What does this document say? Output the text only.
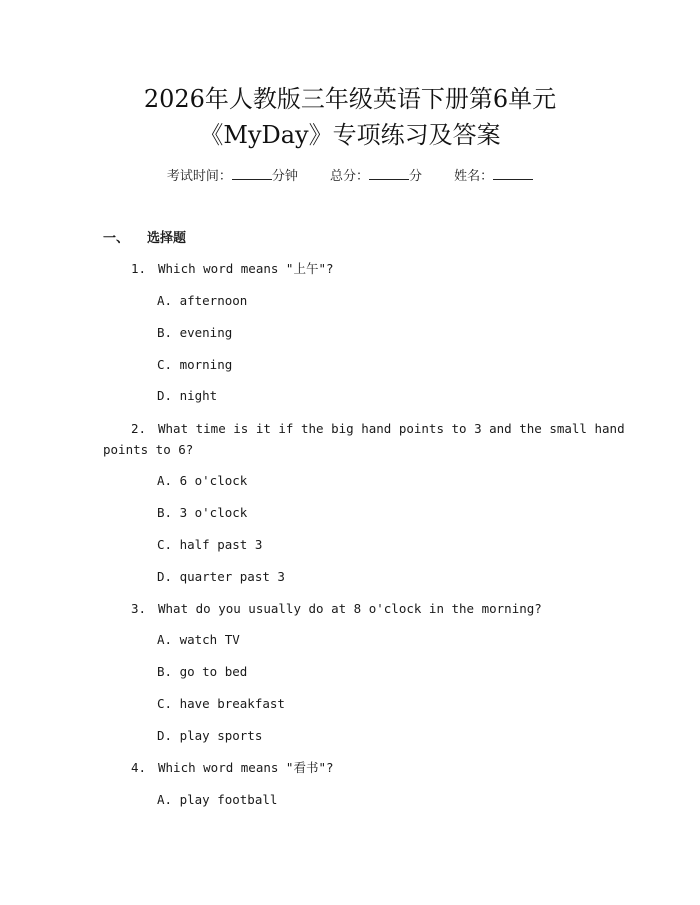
2026年人教版三年级英语下册第6单元
《MyDay》专项练习及答案
考试时间：	分钟 总分：	分 姓名：
一、 选择题
1. Which word means "上午"?
A. afternoon
B. evening
C. morning
D. night
2. What time is it if the big hand points to 3 and the small hand
points to 6?
A. 6 o'clock
B. 3 o'clock
C. half past 3
D. quarter past 3
3. What do you usually do at 8 o'clock in the morning?
A. watch TV
B. go to bed
C. have breakfast
D. play sports
4. Which word means "看书"?
A. play football
